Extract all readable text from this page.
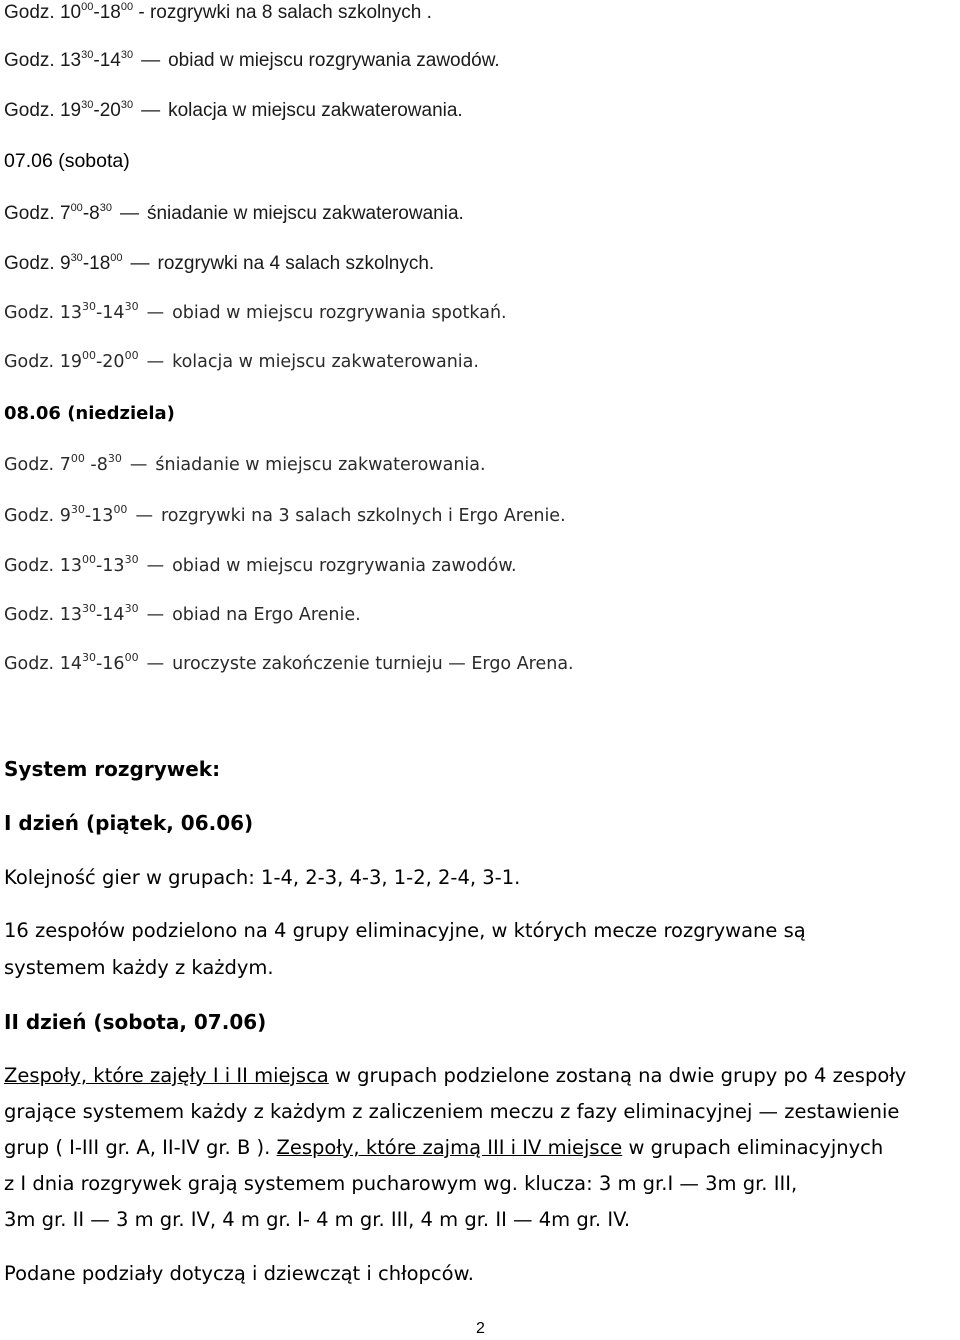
Godz. $10^{00}-18^{00}$ - rozgrywki na 8 salach szkolnych .
Godz. $13^{30}-14^{30}$ — obiad w miejscu rozgrywania zawodów.
Godz. $19^{30}-20^{30}$ — kolacja w miejscu zakwaterowania.
07.06 (sobota)
Godz. $7^{00}-8^{30}$ — śniadanie w miejscu zakwaterowania.
Godz. $9^{30}-18^{00}$ — rozgrywki na 4 salach szkolnych.
Godz. $13^{30}-14^{30}$ — obiad w miejscu rozgrywania spotkań.
Godz. $19^{00}-20^{00}$ — kolacja w miejscu zakwaterowania.
08.06 (niedziela)
Godz. $7^{00}$ $-8^{30}$ — śniadanie w miejscu zakwaterowania.
Godz. $9^{30}-13^{00}$ — rozgrywki na 3 salach szkolnych i Ergo Arenie.
Godz. $13^{00}-13^{30}$ — obiad w miejscu rozgrywania zawodów.
Godz. $13^{30}-14^{30}$ — obiad na Ergo Arenie.
Godz. $14^{30}-16^{00}$ — uroczyste zakończenie turnieju — Ergo Arena.
System rozgrywek:
I dzień (piątek, 06.06)
Kolejność gier w grupach: 1-4, 2-3, 4-3, 1-2, 2-4, 3-1.
16 zespołów podzielono na 4 grupy eliminacyjne, w których mecze rozgrywane są
systemem każdy z każdym.
II dzień (sobota, 07.06)
Zespoły, które zajęły I i II miejsca w grupach podzielone zostaną na dwie grupy po 4 zespoły
grające systemem każdy z każdym z zaliczeniem meczu z fazy eliminacyjnej — zestawienie
grup ( I-III gr. A, II-IV gr. B ). Zespoły, które zajmą III i IV miejsce w grupach eliminacyjnych
z I dnia rozgrywek grają systemem pucharowym wg. klucza: 3 m gr.I — 3m gr. III,
3m gr. II — 3 m gr. IV, 4 m gr. I- 4 m gr. III, 4 m gr. II — 4m gr. IV.
Podane podziały dotyczą i dziewcząt i chłopców.
2
